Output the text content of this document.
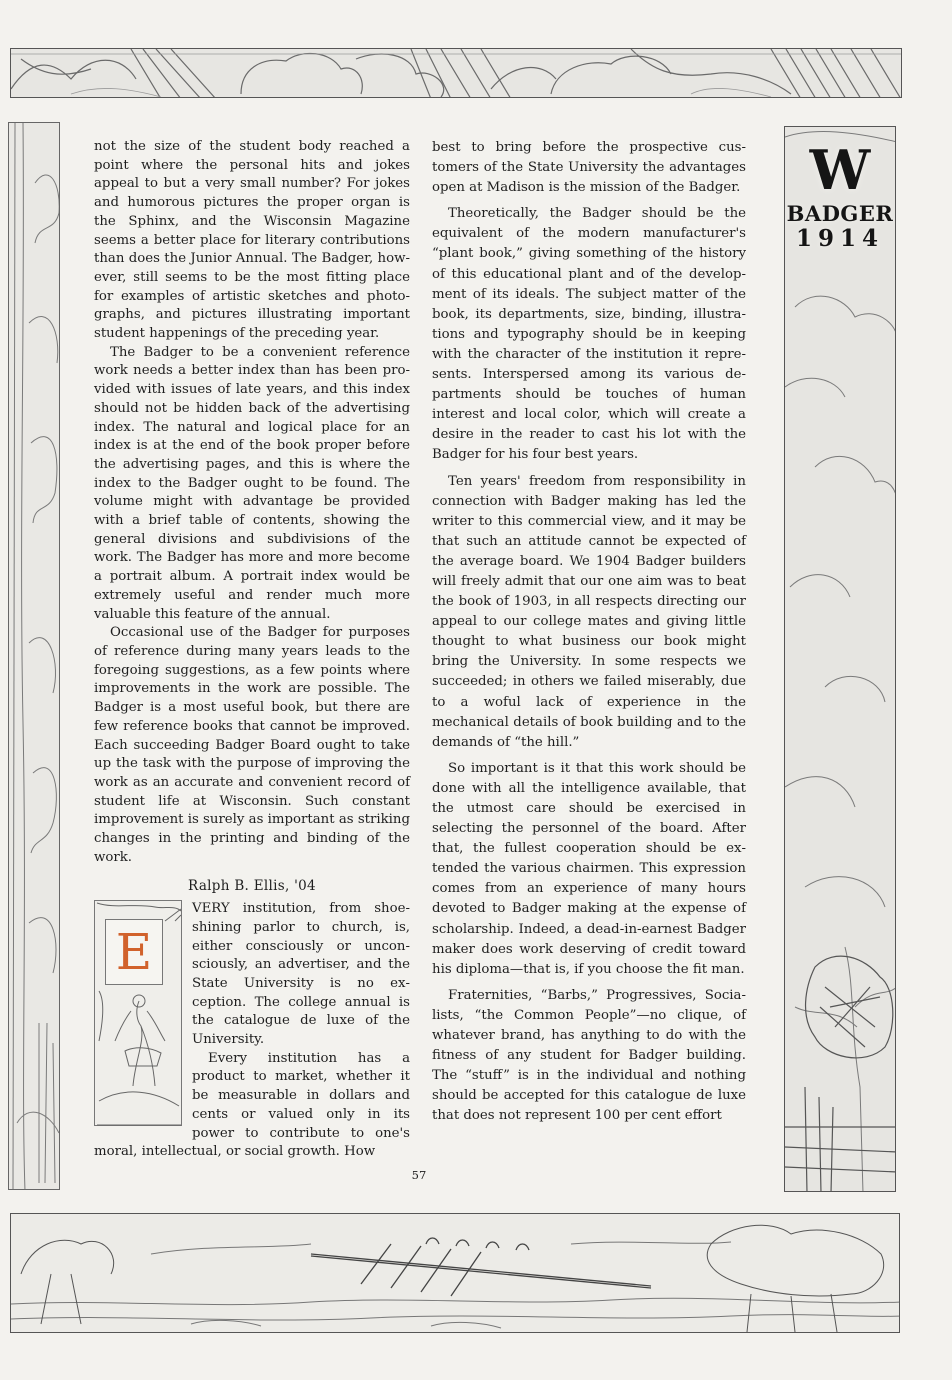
W
BADGER
1914

not the size of the student body reached a point where the personal hits and jokes appeal to but a very small number? For jokes and humorous pictures the proper organ is the Sphinx, and the Wisconsin Magazine seems a better place for literary contributions than does the Junior Annual. The Badger, however, still seems to be the most fitting place for examples of artistic sketches and photographs, and pictures illustrating important student happenings of the preceding year.

The Badger to be a convenient reference work needs a better index than has been provided with issues of late years, and this index should not be hidden back of the advertising index. The natural and logical place for an index is at the end of the book proper before the advertising pages, and this is where the index to the Badger ought to be found. The volume might with advantage be provided with a brief table of contents, showing the general divisions and subdivisions of the work. The Badger has more and more become a portrait album. A portrait index would be extremely useful and render much more valuable this feature of the annual.

Occasional use of the Badger for purposes of reference during many years leads to the foregoing suggestions, as a few points where improvements in the work are possible. The Badger is a most useful book, but there are few reference books that cannot be improved. Each succeeding Badger Board ought to take up the task with the purpose of improving the work as an accurate and convenient record of student life at Wisconsin. Such constant improvement is surely as important as striking changes in the printing and binding of the work.

Ralph B. Ellis, '04
E

VERY institution, from shoeshining parlor to church, is, either consciously or unconsciously, an advertiser, and the State University is no exception. The college annual is the catalogue de luxe of the University.

Every institution has a product to market, whether it be measurable in dollars and cents or valued only in its power to contribute to one's moral, intellectual, or social growth. How

best to bring before the prospective customers of the State University the advantages open at Madison is the mission of the Badger.

Theoretically, the Badger should be the equivalent of the modern manufacturer's “plant book,” giving something of the history of this educational plant and of the development of its ideals. The subject matter of the book, its departments, size, binding, illustrations and typography should be in keeping with the character of the institution it represents. Interspersed among its various departments should be touches of human interest and local color, which will create a desire in the reader to cast his lot with the Badger for his four best years.

Ten years' freedom from responsibility in connection with Badger making has led the writer to this commercial view, and it may be that such an attitude cannot be expected of the average board. We 1904 Badger builders will freely admit that our one aim was to beat the book of 1903, in all respects directing our appeal to our college mates and giving little thought to what business our book might bring the University. In some respects we succeeded; in others we failed miserably, due to a woful lack of experience in the mechanical details of book building and to the demands of “the hill.”

So important is it that this work should be done with all the intelligence available, that the utmost care should be exercised in selecting the personnel of the board. After that, the fullest cooperation should be extended the various chairmen. This expression comes from an experience of many hours devoted to Badger making at the expense of scholarship. Indeed, a dead-in-earnest Badger maker does work deserving of credit toward his diploma—that is, if you choose the fit man.

Fraternities, “Barbs,” Progressives, Socialists, “the Common People”—no clique, of whatever brand, has anything to do with the fitness of any student for Badger building. The “stuff” is in the individual and nothing should be accepted for this catalogue de luxe that does not represent 100 per cent effort

57
